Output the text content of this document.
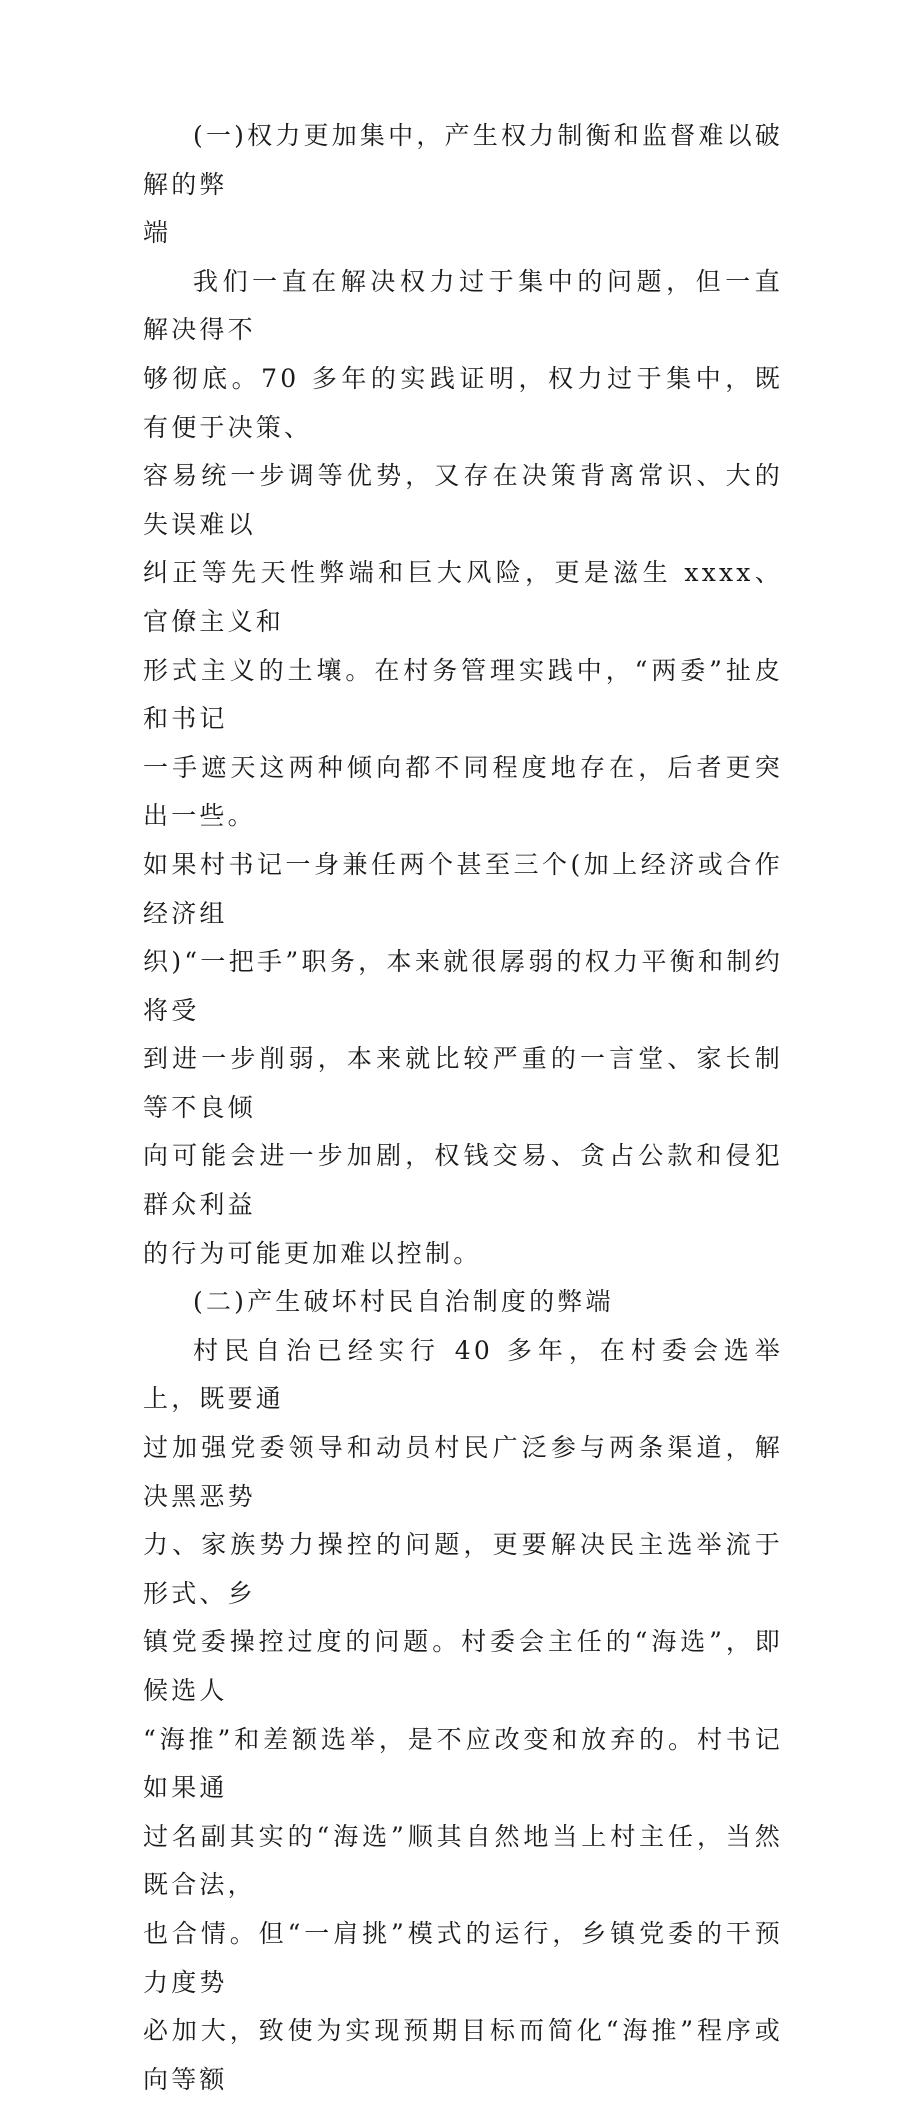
(一)权力更加集中，产生权力制衡和监督难以破解的弊
端

我们一直在解决权力过于集中的问题，但一直解决得不
够彻底。70 多年的实践证明，权力过于集中，既有便于决策、
容易统一步调等优势，又存在决策背离常识、大的失误难以
纠正等先天性弊端和巨大风险，更是滋生 xxxx、官僚主义和
形式主义的土壤。在村务管理实践中，“两委”扯皮和书记
一手遮天这两种倾向都不同程度地存在，后者更突出一些。
如果村书记一身兼任两个甚至三个(加上经济或合作经济组
织)“一把手”职务，本来就很孱弱的权力平衡和制约将受
到进一步削弱，本来就比较严重的一言堂、家长制等不良倾
向可能会进一步加剧，权钱交易、贪占公款和侵犯群众利益
的行为可能更加难以控制。

(二)产生破坏村民自治制度的弊端

村民自治已经实行 40 多年，在村委会选举上，既要通
过加强党委领导和动员村民广泛参与两条渠道，解决黑恶势
力、家族势力操控的问题，更要解决民主选举流于形式、乡
镇党委操控过度的问题。村委会主任的“海选”，即候选人
“海推”和差额选举，是不应改变和放弃的。村书记如果通
过名副其实的“海选”顺其自然地当上村主任，当然既合法，
也合情。但“一肩挑”模式的运行，乡镇党委的干预力度势
必加大，致使为实现预期目标而简化“海推”程序或向等额
